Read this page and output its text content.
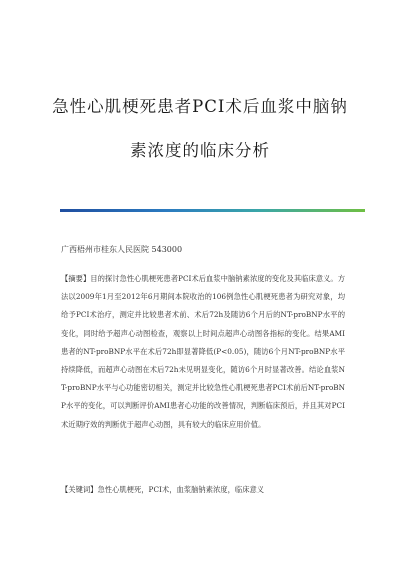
急性心肌梗死患者PCI术后血浆中脑钠
素浓度的临床分析
广西梧州市桂东人民医院 543000
【摘要】目的探讨急性心肌梗死患者PCI术后血浆中脑钠素浓度的变化及其临床意义。方法以2009年1月至2012年6月期间本院收治的106例急性心肌梗死患者为研究对象，均给予PCI术治疗，测定并比较患者术前、术后72h及随访6个月后的NT-proBNP水平的变化，同时给予超声心动图检查，观察以上时间点超声心动图各指标的变化。结果AMI患者的NT-proBNP水平在术后72h即显著降低(P<0.05)，随访6个月NT-proBNP水平持续降低，而超声心动图在术后72h未见明显变化，随访6个月时显著改善。结论血浆NT-proBNP水平与心功能密切相关，测定并比较急性心肌梗死患者PCI术前后NT-proBNP水平的变化，可以判断评价AMI患者心功能的改善情况，判断临床预后，并且其对PCI术近期疗效的判断优于超声心动图，具有较大的临床应用价值。
【关键词】急性心肌梗死，PCI术，血浆脑钠素浓度，临床意义
